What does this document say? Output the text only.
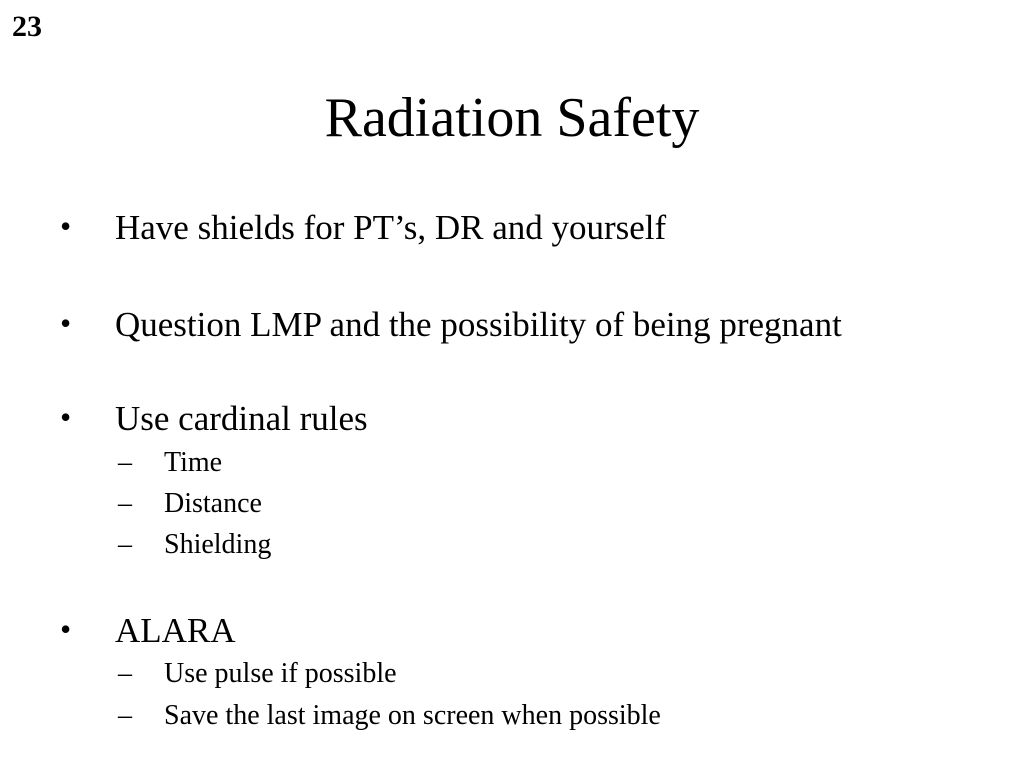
23
Radiation Safety
• Have shields for PT’s, DR and yourself
• Question LMP and the possibility of being pregnant
• Use cardinal rules
– Time
– Distance
– Shielding
• ALARA
– Use pulse if possible
– Save the last image on screen when possible
